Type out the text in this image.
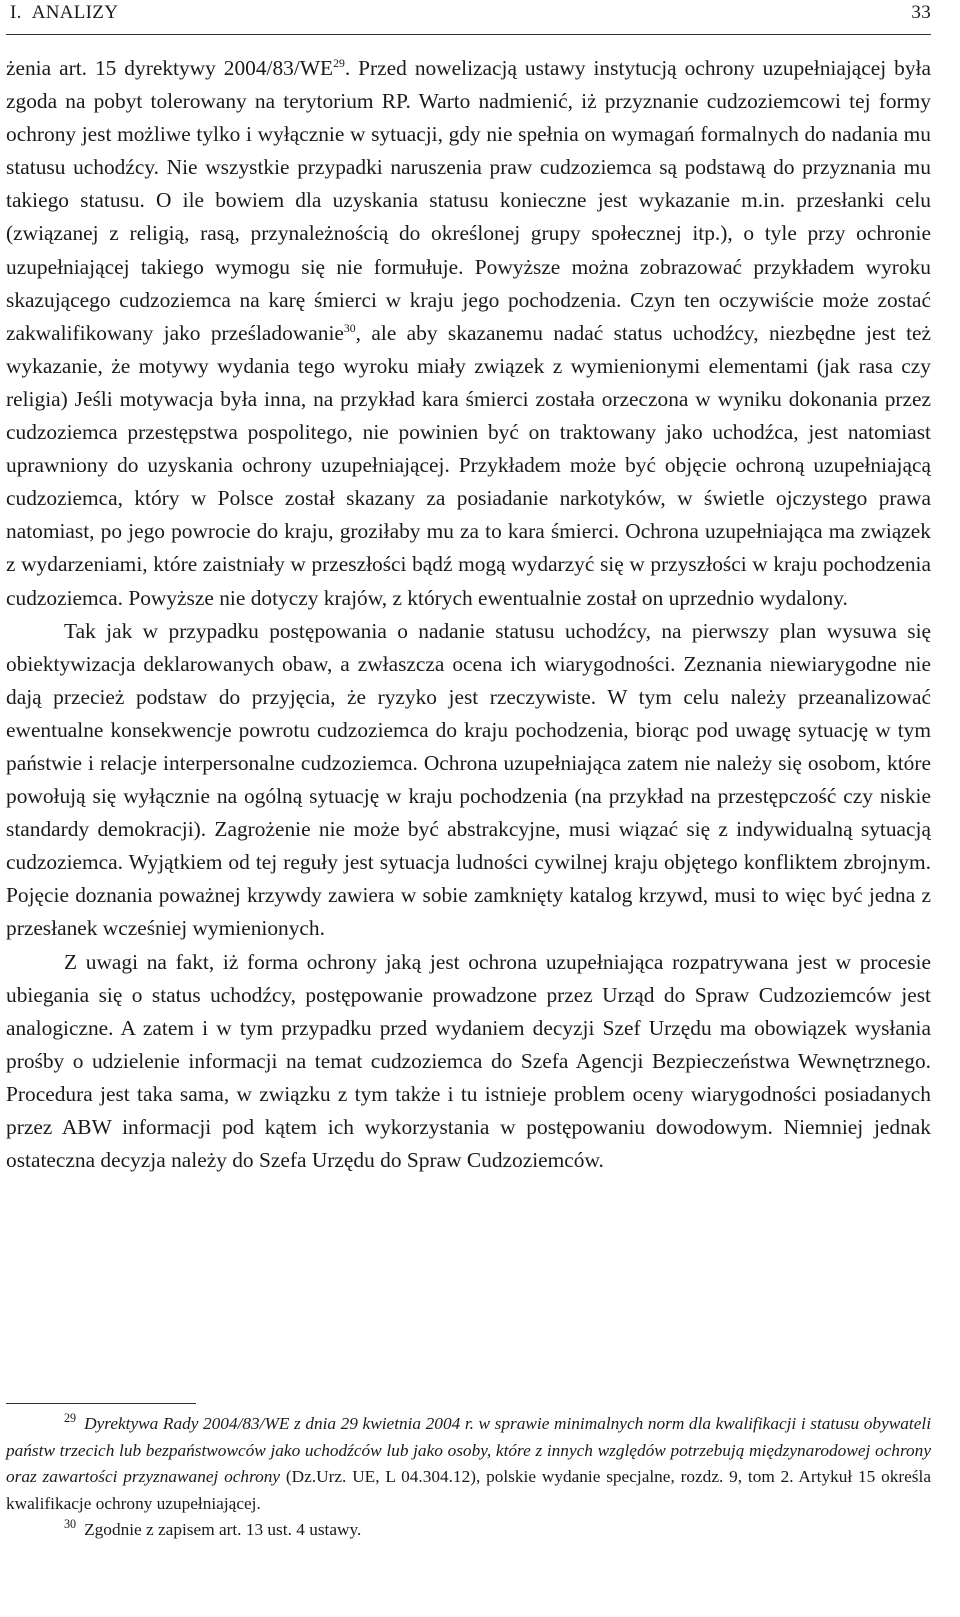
I. ANALIZY	33

żenia art. 15 dyrektywy 2004/83/WE$^{29}$. Przed nowelizacją ustawy instytucją ochrony uzupełniającej była zgoda na pobyt tolerowany na terytorium RP. Warto nadmienić, iż przyznanie cudzoziemcowi tej formy ochrony jest możliwe tylko i wyłącznie w sytuacji, gdy nie spełnia on wymagań formalnych do nadania mu statusu uchodźcy. Nie wszystkie przypadki naruszenia praw cudzoziemca są podstawą do przyznania mu takiego statusu. O ile bowiem dla uzyskania statusu konieczne jest wykazanie m.in. przesłanki celu (związanej z religią, rasą, przynależnością do określonej grupy społecznej itp.), o tyle przy ochronie uzupełniającej takiego wymogu się nie formułuje. Powyższe można zobrazować przykładem wyroku skazującego cudzoziemca na karę śmierci w kraju jego pochodzenia. Czyn ten oczywiście może zostać zakwalifikowany jako prześladowanie$^{30}$, ale aby skazanemu nadać status uchodźcy, niezbędne jest też wykazanie, że motywy wydania tego wyroku miały związek z wymienionymi elementami (jak rasa czy religia) Jeśli motywacja była inna, na przykład kara śmierci została orzeczona w wyniku dokonania przez cudzoziemca przestępstwa pospolitego, nie powinien być on traktowany jako uchodźca, jest natomiast uprawniony do uzyskania ochrony uzupełniającej. Przykładem może być objęcie ochroną uzupełniającą cudzoziemca, który w Polsce został skazany za posiadanie narkotyków, w świetle ojczystego prawa natomiast, po jego powrocie do kraju, groziłaby mu za to kara śmierci. Ochrona uzupełniająca ma związek z wydarzeniami, które zaistniały w przeszłości bądź mogą wydarzyć się w przyszłości w kraju pochodzenia cudzoziemca. Powyższe nie dotyczy krajów, z których ewentualnie został on uprzednio wydalony.

Tak jak w przypadku postępowania o nadanie statusu uchodźcy, na pierwszy plan wysuwa się obiektywizacja deklarowanych obaw, a zwłaszcza ocena ich wiarygodności. Zeznania niewiarygodne nie dają przecież podstaw do przyjęcia, że ryzyko jest rzeczywiste. W tym celu należy przeanalizować ewentualne konsekwencje powrotu cudzoziemca do kraju pochodzenia, biorąc pod uwagę sytuację w tym państwie i relacje interpersonalne cudzoziemca. Ochrona uzupełniająca zatem nie należy się osobom, które powołują się wyłącznie na ogólną sytuację w kraju pochodzenia (na przykład na przestępczość czy niskie standardy demokracji). Zagrożenie nie może być abstrakcyjne, musi wiązać się z indywidualną sytuacją cudzoziemca. Wyjątkiem od tej reguły jest sytuacja ludności cywilnej kraju objętego konfliktem zbrojnym. Pojęcie doznania poważnej krzywdy zawiera w sobie zamknięty katalog krzywd, musi to więc być jedna z przesłanek wcześniej wymienionych.

Z uwagi na fakt, iż forma ochrony jaką jest ochrona uzupełniająca rozpatrywana jest w procesie ubiegania się o status uchodźcy, postępowanie prowadzone przez Urząd do Spraw Cudzoziemców jest analogiczne. A zatem i w tym przypadku przed wydaniem decyzji Szef Urzędu ma obowiązek wysłania prośby o udzielenie informacji na temat cudzoziemca do Szefa Agencji Bezpieczeństwa Wewnętrznego. Procedura jest taka sama, w związku z tym także i tu istnieje problem oceny wiarygodności posiadanych przez ABW informacji pod kątem ich wykorzystania w postępowaniu dowodowym. Niemniej jednak ostateczna decyzja należy do Szefa Urzędu do Spraw Cudzoziemców.

$^{29}$ Dyrektywa Rady 2004/83/WE z dnia 29 kwietnia 2004 r. w sprawie minimalnych norm dla kwalifikacji i statusu obywateli państw trzecich lub bezpaństwowców jako uchodźców lub jako osoby, które z innych względów potrzebują międzynarodowej ochrony oraz zawartości przyznawanej ochrony (Dz.Urz. UE, L 04.304.12), polskie wydanie specjalne, rozdz. 9, tom 2. Artykuł 15 określa kwalifikacje ochrony uzupełniającej.

$^{30}$ Zgodnie z zapisem art. 13 ust. 4 ustawy.
